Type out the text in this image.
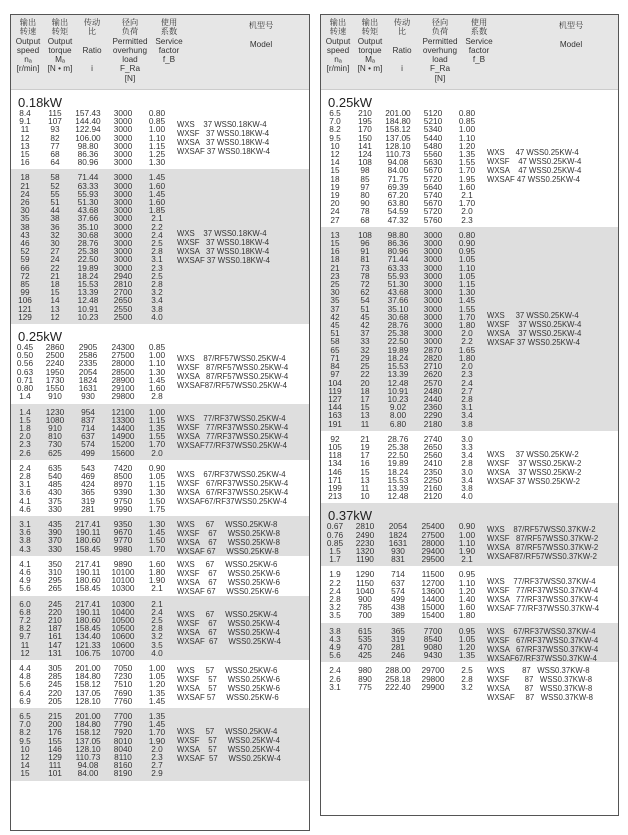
输出
转速
Output
speed
nₐ
[r/min]
输出
转矩
Output
torque
Mₐ
[N • m]
传动
比
Ratio
i
径向
负荷
Permitted
overhung
load
F_Ra
[N]
使用
系数
Service
factor
f_B
机型号
Model
0.18kW
8.4	115	157.43	3000	0.80
9.1	107	144.40	3000	0.85
11	93	122.94	3000	1.00
12	82	106.00	3000	1.10
13	77	98.80	3000	1.15
15	68	86.36	3000	1.25
16	64	80.96	3000	1.30
WXS    37 WSS0.18KW-4
WXSF   37 WSS0.18KW-4
WXSA   37 WSS0.18KW-4
WXSAF 37 WSS0.18KW-4
18	58	71.44	3000	1.45
21	52	63.33	3000	1.60
24	55	55.93	3000	1.45
26	51	51.30	3000	1.60
30	44	43.68	3000	1.85
35	38	37.66	3000	2.1
38	36	35.10	3000	2.2
43	32	30.68	3000	2.4
46	30	28.76	3000	2.5
52	27	25.38	3000	2.8
59	24	22.50	3000	3.1
66	22	19.89	3000	2.3
72	21	18.24	2940	2.5
85	18	15.53	2810	2.8
99	15	13.39	2700	3.2
106	14	12.48	2650	3.4
121	13	10.91	2550	3.8
129	12	10.23	2500	4.0
WXS    37 WSS0.18KW-4
WXSF   37 WSS0.18KW-4
WXSA   37 WSS0.18KW-4
WXSAF 37 WSS0.18KW-4
0.25kW
0.45	2860	2905	24300	0.85
0.50	2500	2586	27500	1.00
0.56	2240	2335	28000	1.10
0.63	1950	2054	28500	1.30
0.71	1730	1824	28900	1.45
0.80	1550	1631	29100	1.60
1.4	910	930	29800	2.8
WXS    87/RF57WSS0.25KW-4
WXSF   87/RF57WSS0.25KW-4
WXSA   87/RF57WSS0.25KW-4
WXSAF87/RF57WSS0.25KW-4
1.4	1230	954	12100	1.00
1.5	1080	837	13300	1.15
1.8	910	714	14400	1.35
2.0	810	637	14900	1.55
2.3	730	574	15200	1.70
2.6	625	499	15600	2.0
WXS    77/RF37WSS0.25KW-4
WXSF   77/RF37WSS0.25KW-4
WXSA   77/RF37WSS0.25KW-4
WXSAF77/RF37WSS0.25KW-4
2.4	635	543	7420	0.90
2.8	540	469	8500	1.05
3.1	485	424	8970	1.15
3.6	430	365	9390	1.30
4.1	375	319	9750	1.50
4.6	330	281	9990	1.75
WXS    67/RF37WSS0.25KW-4
WXSF   67/RF37WSS0.25KW-4
WXSA   67/RF37WSS0.25KW-4
WXSAF67/RF37WSS0.25KW-4
3.1	435	217.41	9350	1.30
3.6	390	190.11	9670	1.45
3.8	370	180.60	9770	1.50
4.3	330	158.45	9980	1.70
WXS     67     WSS0.25KW-8
WXSF    67     WSS0.25KW-8
WXSA    67     WSS0.25KW-8
WXSAF 67     WSS0.25KW-8
4.1	350	217.41	9890	1.60
4.6	310	190.11	10100	1.80
4.9	295	180.60	10100	1.90
5.6	265	158.45	10300	2.1
WXS     67     WSS0.25KW-6
WXSF    67     WSS0.25KW-6
WXSA    67     WSS0.25KW-6
WXSAF 67     WSS0.25KW-6
6.0	245	217.41	10300	2.1
6.8	220	190.11	10400	2.4
7.2	210	180.60	10500	2.5
8.2	187	158.45	10500	2.8
9.7	161	134.40	10600	3.2
11	147	121.33	10600	3.5
12	131	106.75	10700	4.0
WXS     67     WSS0.25KW-4
WXSF    67     WSS0.25KW-4
WXSA    67     WSS0.25KW-4
WXSAF  67     WSS0.25KW-4
4.4	305	201.00	7050	1.00
4.8	285	184.80	7230	1.05
5.6	245	158.12	7510	1.20
6.4	220	137.05	7690	1.35
6.9	205	128.10	7760	1.45
WXS     57     WSS0.25KW-6
WXSF    57     WSS0.25KW-6
WXSA    57     WSS0.25KW-6
WXSAF 57     WSS0.25KW-6
6.5	215	201.00	7700	1.35
7.0	200	184.80	7790	1.45
8.2	176	158.12	7920	1.70
9.5	155	137.05	8010	1.90
10	146	128.10	8040	2.0
12	129	110.73	8110	2.3
14	111	94.08	8160	2.7
15	101	84.00	8190	2.9
WXS     57     WSS0.25KW-4
WXSF    57     WSS0.25KW-4
WXSA    57     WSS0.25KW-4
WXSAF  57     WSS0.25KW-4
输出
转速
Output
speed
nₐ
[r/min]
输出
转矩
Output
torque
Mₐ
[N • m]
传动
比
Ratio
i
径向
负荷
Permitted
overhung
load
F_Ra
[N]
使用
系数
Service
factor
f_B
机型号
Model
0.25kW
6.5	210	201.00	5120	0.80
7.0	195	184.80	5210	0.85
8.2	170	158.12	5340	1.00
9.5	150	137.05	5440	1.10
10	141	128.10	5480	1.20
12	124	110.73	5560	1.35
14	108	94.08	5630	1.55
15	98	84.00	5670	1.70
18	85	71.75	5720	1.95
19	97	69.39	5640	1.60
19	80	67.20	5740	2.1
20	90	63.80	5670	1.70
24	78	54.59	5720	2.0
27	68	47.32	5760	2.3
WXS     47 WSS0.25KW-4
WXSF    47 WSS0.25KW-4
WXSA    47 WSS0.25KW-4
WXSAF 47 WSS0.25KW-4
13	108	98.80	3000	0.80
15	96	86.36	3000	0.90
16	91	80.96	3000	0.95
18	81	71.44	3000	1.05
21	73	63.33	3000	1.10
23	78	55.93	3000	1.05
25	72	51.30	3000	1.15
30	62	43.68	3000	1.30
35	54	37.66	3000	1.45
37	51	35.10	3000	1.55
42	45	30.68	3000	1.70
45	42	28.76	3000	1.80
51	37	25.38	3000	2.0
58	33	22.50	3000	2.2
65	32	19.89	2870	1.65
71	29	18.24	2820	1.80
84	25	15.53	2710	2.0
97	22	13.39	2620	2.3
104	20	12.48	2570	2.4
119	18	10.91	2480	2.7
127	17	10.23	2440	2.8
144	15	9.02	2360	3.1
163	13	8.00	2290	3.4
191	11	6.80	2180	3.8
WXS     37 WSS0.25KW-4
WXSF    37 WSS0.25KW-4
WXSA    37 WSS0.25KW-4
WXSAF 37 WSS0.25KW-4
92	21	28.76	2740	3.0
105	19	25.38	2650	3.3
118	17	22.50	2560	3.4
134	16	19.89	2410	2.8
146	15	18.24	2350	3.0
171	13	15.53	2250	3.4
199	11	13.39	2160	3.8
213	10	12.48	2120	4.0
WXS     37 WSS0.25KW-2
WXSF    37 WSS0.25KW-2
WXSA    37 WSS0.25KW-2
WXSAF 37 WSS0.25KW-2
0.37kW
0.67	2810	2054	25400	0.90
0.76	2490	1824	27500	1.00
0.85	2230	1631	28000	1.10
1.5	1320	930	29400	1.90
1.7	1190	831	29500	2.1
WXS    87/RF57WSS0.37KW-2
WXSF   87/RF57WSS0.37KW-2
WXSA   87/RF57WSS0.37KW-2
WXSAF87/RF57WSS0.37KW-2
1.9	1290	714	11500	0.95
2.2	1150	637	12700	1.10
2.4	1040	574	13600	1.20
2.8	900	499	14400	1.40
3.2	785	438	15000	1.60
3.5	700	389	15400	1.80
WXS    77/RF37WSS0.37KW-4
WXSF   77/RF37WSS0.37KW-4
WXSA   77/RF37WSS0.37KW-4
WXSAF 77/RF37WSS0.37KW-4
3.8	615	365	7700	0.95
4.3	535	319	8540	1.05
4.9	470	281	9080	1.20
5.6	425	246	9430	1.35
WXS    67/RF37WSS0.37KW-4
WXSF   67/RF37WSS0.37KW-4
WXSA   67/RF37WSS0.37KW-4
WXSAF67/RF37WSS0.37KW-4
2.4	980	288.00	29700	2.5
2.6	890	258.18	29800	2.8
3.1	775	222.40	29900	3.2
WXS        87   WSS0.37KW-8
WXSF       87   WSS0.37KW-8
WXSA       87   WSS0.37KW-8
WXSAF     87   WSS0.37KW-8
